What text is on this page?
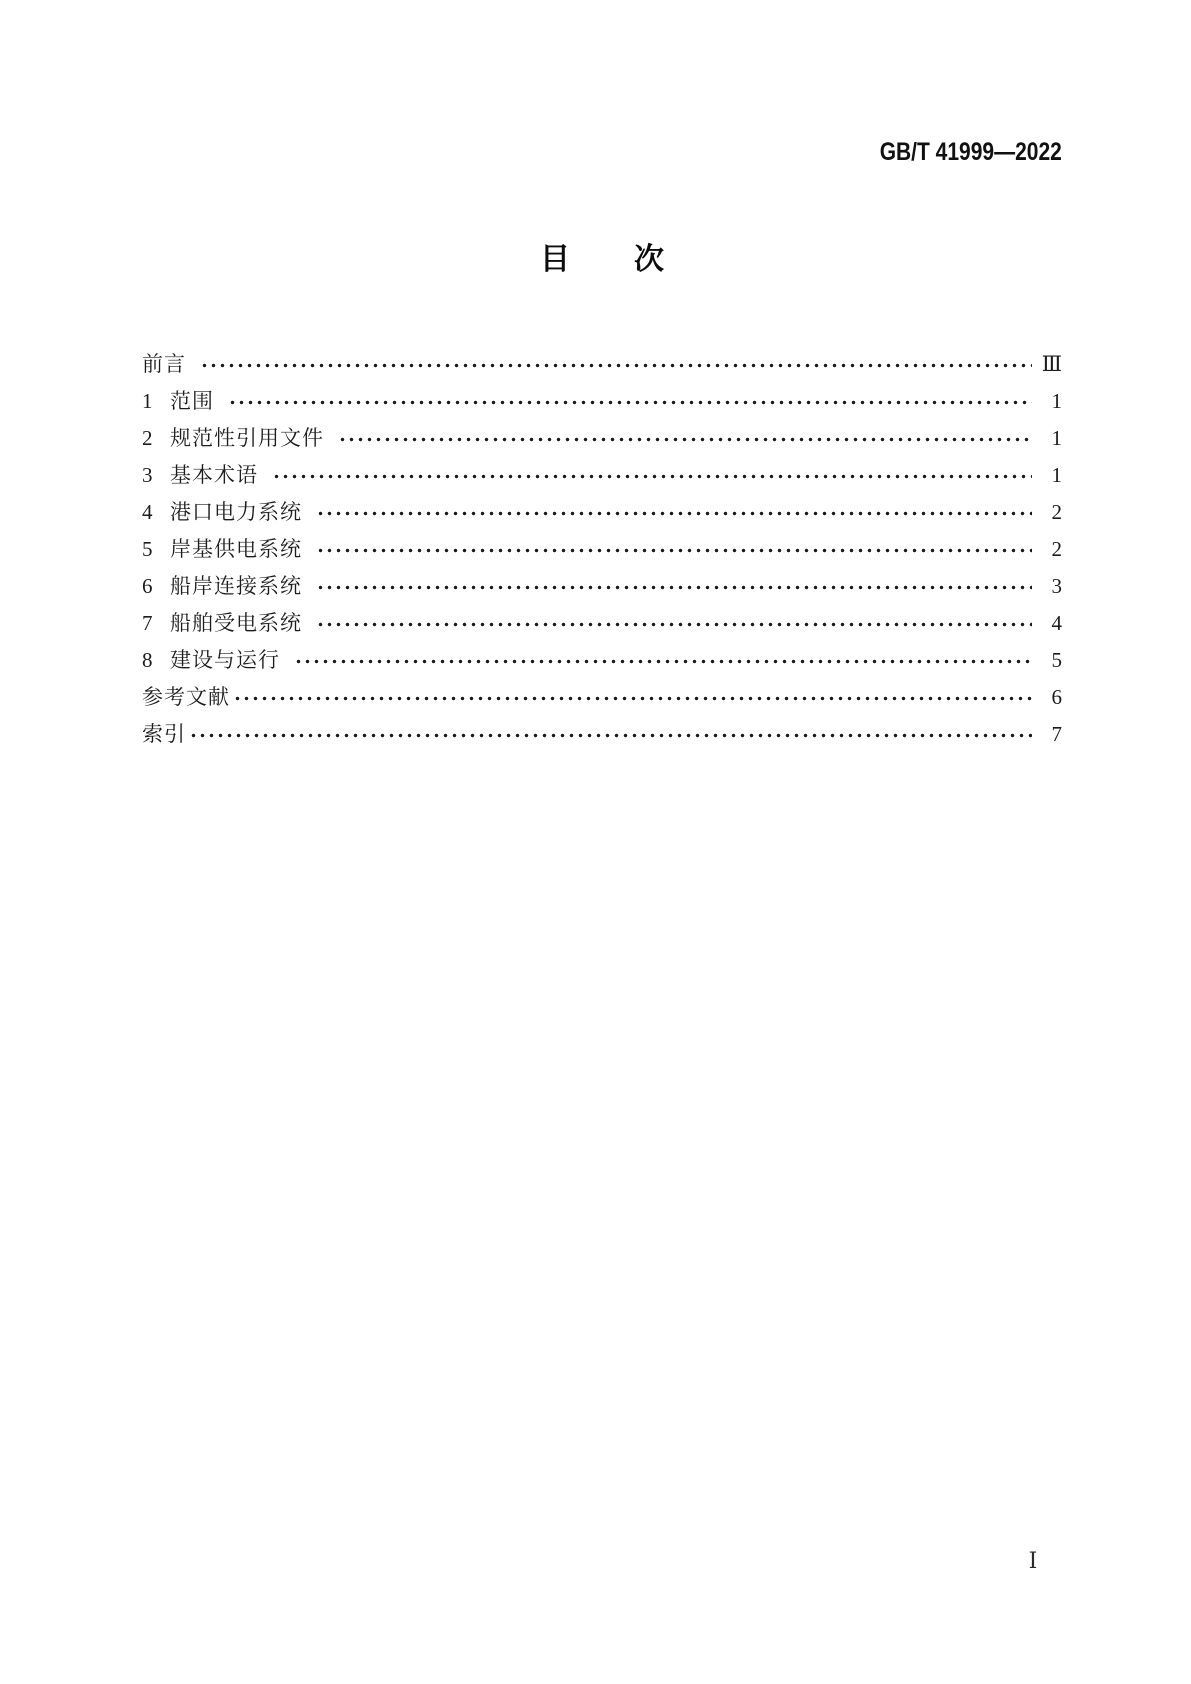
GB/T 41999—2022
目 次
前言	Ⅲ
1 范围	1
2 规范性引用文件	1
3 基本术语	1
4 港口电力系统	2
5 岸基供电系统	2
6 船岸连接系统	3
7 船舶受电系统	4
8 建设与运行	5
参考文献	6
索引	7
Ⅰ
